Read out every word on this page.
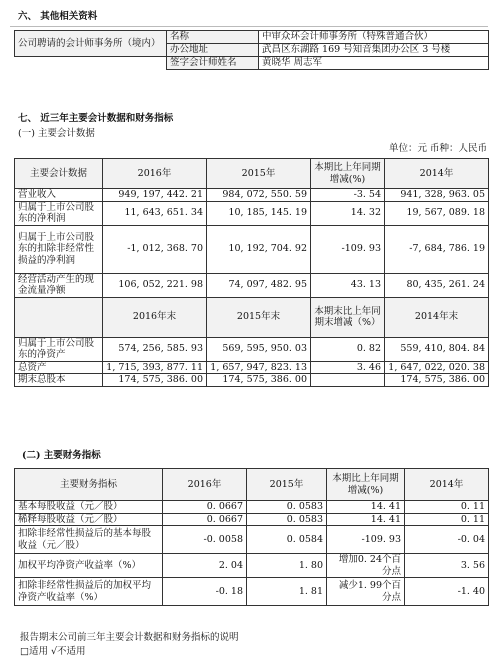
六、 其他相关资料
公司聘请的会计师事务所（境内）	名称	中审众环会计师事务所（特殊普通合伙）
	办公地址	武昌区东湖路 169 号知音集团办公区 3 号楼
	签字会计师姓名	黄晓华 周志军
七、 近三年主要会计数据和财务指标
(一) 主要会计数据
单位：元 币种：人民币
主要会计数据	2016年	2015年	本期比上年同期增减(%)	2014年
营业收入	949, 197, 442. 21	984, 072, 550. 59	-3. 54	941, 328, 963. 05
归属于上市公司股东的净利润	11, 643, 651. 34	10, 185, 145. 19	14. 32	19, 567, 089. 18
归属于上市公司股东的扣除非经常性损益的净利润	-1, 012, 368. 70	10, 192, 704. 92	-109. 93	-7, 684, 786. 19
经营活动产生的现金流量净额	106, 052, 221. 98	74, 097, 482. 95	43. 13	80, 435, 261. 24
	2016年末	2015年末	本期末比上年同期末增减（%）	2014年末
归属于上市公司股东的净资产	574, 256, 585. 93	569, 595, 950. 03	0. 82	559, 410, 804. 84
总资产	1, 715, 393, 877. 11	1, 657, 947, 823. 13	3. 46	1, 647, 022, 020. 38
期末总股本	174, 575, 386. 00	174, 575, 386. 00		174, 575, 386. 00
(二) 主要财务指标
主要财务指标	2016年	2015年	本期比上年同期增减(%)	2014年
基本每股收益（元／股）	0. 0667	0. 0583	14. 41	0. 11
稀释每股收益（元／股）	0. 0667	0. 0583	14. 41	0. 11
扣除非经常性损益后的基本每股收益（元／股）	-0. 0058	0. 0584	-109. 93	-0. 04
加权平均净资产收益率（%）	2. 04	1. 80	增加0. 24个百分点	3. 56
扣除非经常性损益后的加权平均净资产收益率（%）	-0. 18	1. 81	减少1. 99个百分点	-1. 40
报告期末公司前三年主要会计数据和财务指标的说明
□适用 √不适用
